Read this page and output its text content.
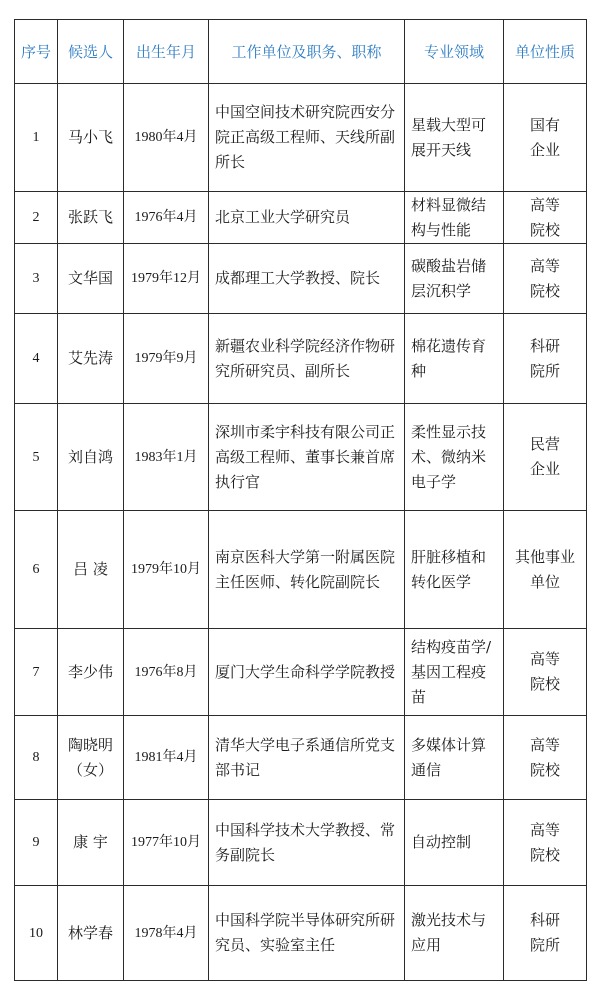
序号	候选人	出生年月	工作单位及职务、职称	专业领域	单位性质
1	马小飞	1980年4月	中国空间技术研究院西安分院正高级工程师、天线所副所长	星载大型可展开天线	国有企业
2	张跃飞	1976年4月	北京工业大学研究员	材料显微结构与性能	高等院校
3	文华国	1979年12月	成都理工大学教授、院长	碳酸盐岩储层沉积学	高等院校
4	艾先涛	1979年9月	新疆农业科学院经济作物研究所研究员、副所长	棉花遗传育种	科研院所
5	刘自鸿	1983年1月	深圳市柔宇科技有限公司正高级工程师、董事长兼首席执行官	柔性显示技术、微纳米电子学	民营企业
6	吕 凌	1979年10月	南京医科大学第一附属医院主任医师、转化院副院长	肝脏移植和转化医学	其他事业单位
7	李少伟	1976年8月	厦门大学生命科学学院教授	结构疫苗学/基因工程疫苗	高等院校
8	陶晓明（女）	1981年4月	清华大学电子系通信所党支部书记	多媒体计算通信	高等院校
9	康 宇	1977年10月	中国科学技术大学教授、常务副院长	自动控制	高等院校
10	林学春	1978年4月	中国科学院半导体研究所研究员、实验室主任	激光技术与应用	科研院所
